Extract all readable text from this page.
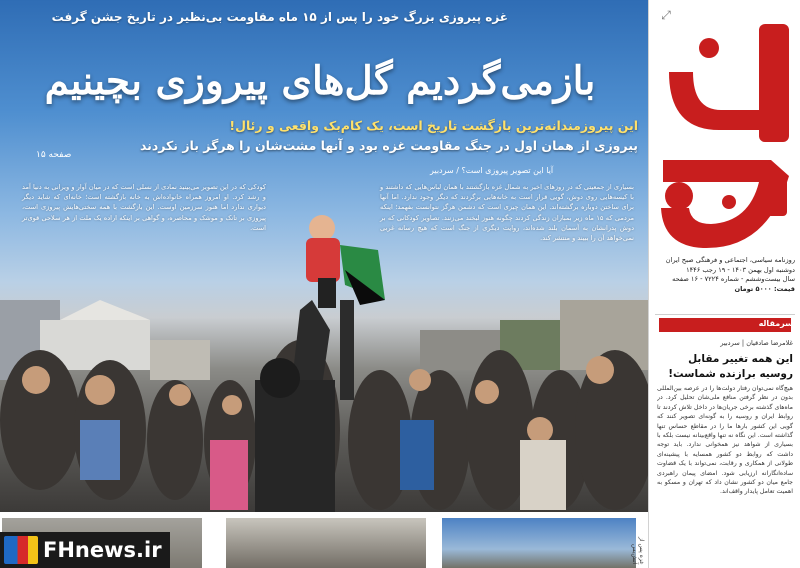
غزه پیروزی بزرگ خود را پس از ۱۵ ماه مقاومت بی‌نظیر در تاریخ جشن گرفت
بازمی‌گردیم گل‌های پیروزی بچینیم
این پیروزمندانه‌ترین بازگشت تاریخ است، یک کام‌بک واقعی و رئال!
پیروزی از همان اول در جنگ مقاومت غزه بود و آنها مشت‌شان را هرگز باز نکردند
صفحه ۱۵
آیا این تصویر پیروزی است؟ / سردبیر
بسیاری از جمعیتی که در روزهای اخیر به شمال غزه بازگشتند با همان لباس‌هایی که داشتند و با کیسه‌هایی روی دوش، گویی قرار است به خانه‌هایی برگردند که دیگر وجود ندارد. اما آنها برای ساختن دوباره برگشته‌اند. این همان چیزی است که دشمن هرگز نتوانست بفهمد؛ اینکه مردمی که ۱۵ ماه زیر بمباران زندگی کردند چگونه هنوز لبخند می‌زنند. تصاویر کودکانی که بر دوش پدرانشان به آسمان بلند شده‌اند، روایت دیگری از جنگ است که هیچ رسانه غربی نمی‌خواهد آن را ببیند و منتشر کند.
کودکی که در این تصویر می‌بینید نمادی از نسلی است که در میان آوار و ویرانی به دنیا آمد و رشد کرد. او امروز همراه خانواده‌اش به خانه بازگشته است؛ خانه‌ای که شاید دیگر دیواری ندارد اما هنوز سرزمین اوست. این بازگشت با همه سختی‌هایش پیروزی است، پیروزی بر تانک و موشک و محاصره، و گواهی بر اینکه اراده یک ملت از هر سلاحی قوی‌تر است.
غزه پس از آتش‌بس
FHnews.ir
⤢
روزنامه سیاسی، اجتماعی و فرهنگی صبح ایران
دوشنبه اول بهمن ۱۴۰۳ - ۱۹ رجب ۱۴۴۶
سال بیست‌وششم - شماره ۷۲۲۴ - ۱۶ صفحه
قیمت: ۵۰۰۰ تومان
سرمقاله
غلامرضا صادقیان | سردبیر
این همه تغییر مقابل روسیه برازنده شماست!
هیچ‌گاه نمی‌توان رفتار دولت‌ها را در عرصه بین‌المللی بدون در نظر گرفتن منافع ملی‌شان تحلیل کرد. در ماه‌های گذشته برخی جریان‌ها در داخل تلاش کردند تا روابط ایران و روسیه را به گونه‌ای تصویر کنند که گویی این کشور بارها ما را در مقاطع حساس تنها گذاشته است. این نگاه نه تنها واقع‌بینانه نیست بلکه با بسیاری از شواهد نیز همخوانی ندارد. باید توجه داشت که روابط دو کشور همسایه با پیشینه‌ای طولانی از همکاری و رقابت، نمی‌تواند با یک قضاوت ساده‌انگارانه ارزیابی شود. امضای پیمان راهبردی جامع میان دو کشور نشان داد که تهران و مسکو به اهمیت تعامل پایدار واقف‌اند.
